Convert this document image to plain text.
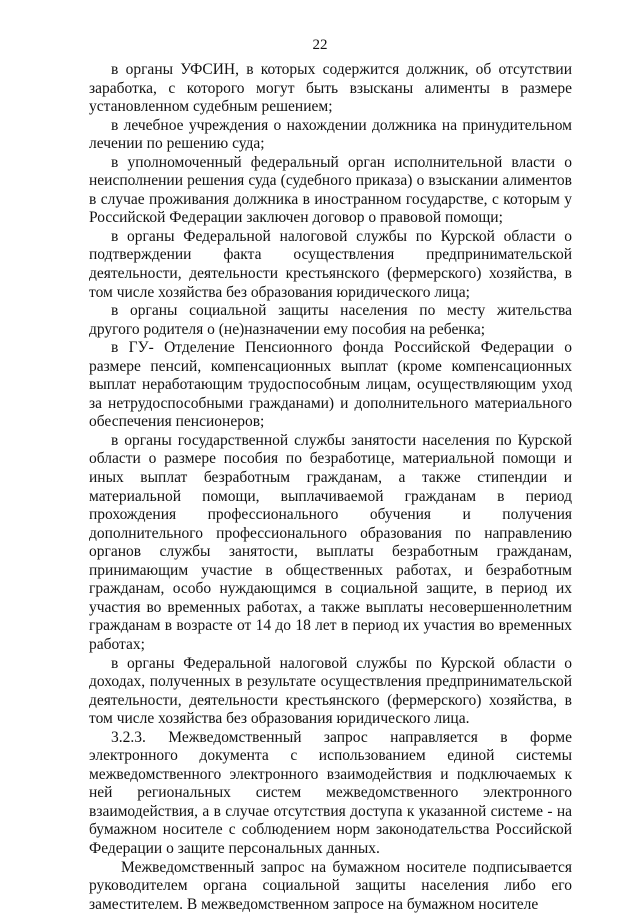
22

в органы УФСИН, в которых содержится должник, об отсутствии заработка, с которого могут быть взысканы алименты в размере установленном судебным решением;

в лечебное учреждения о нахождении должника на принудительном лечении по решению суда;

в уполномоченный федеральный орган исполнительной власти о неисполнении решения суда (судебного приказа) о взыскании алиментов в случае проживания должника в иностранном государстве, с которым у Российской Федерации заключен договор о правовой помощи;

в органы Федеральной налоговой службы по Курской области о подтверждении факта осуществления предпринимательской деятельности, деятельности крестьянского (фермерского) хозяйства, в том числе хозяйства без образования юридического лица;

в органы социальной защиты населения по месту жительства другого родителя о (не)назначении ему пособия на ребенка;

в ГУ- Отделение Пенсионного фонда Российской Федерации о размере пенсий, компенсационных выплат (кроме компенсационных выплат неработающим трудоспособным лицам, осуществляющим уход за нетрудоспособными гражданами) и дополнительного материального обеспечения пенсионеров;

в органы государственной службы занятости населения по Курской области о размере пособия по безработице, материальной помощи и иных выплат безработным гражданам, а также стипендии и материальной помощи, выплачиваемой гражданам в период прохождения профессионального обучения и получения дополнительного профессионального образования по направлению органов службы занятости, выплаты безработным гражданам, принимающим участие в общественных работах, и безработным гражданам, особо нуждающимся в социальной защите, в период их участия во временных работах, а также выплаты несовершеннолетним гражданам в возрасте от 14 до 18 лет в период их участия во временных работах;

в органы Федеральной налоговой службы по Курской области о доходах, полученных в результате осуществления предпринимательской деятельности, деятельности крестьянского (фермерского) хозяйства, в том числе хозяйства без образования юридического лица.

3.2.3. Межведомственный запрос направляется в форме электронного документа с использованием единой системы межведомственного электронного взаимодействия и подключаемых к ней региональных систем межведомственного электронного взаимодействия, а в случае отсутствия доступа к указанной системе - на бумажном носителе с соблюдением норм законодательства Российской Федерации о защите персональных данных.

Межведомственный запрос на бумажном носителе подписывается руководителем органа социальной защиты населения либо его заместителем. В межведомственном запросе на бумажном носителе
